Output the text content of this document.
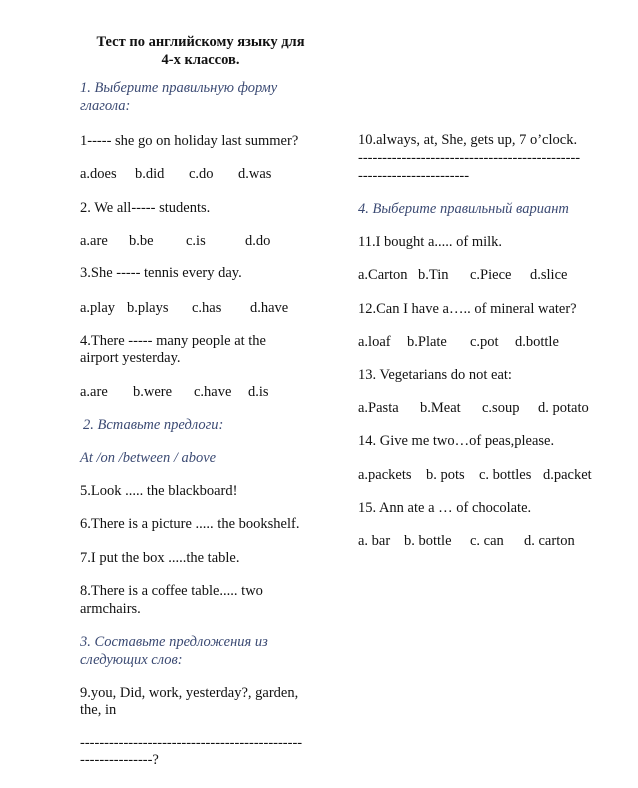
Тест по английскому языку для
4-х классов.
1. Выберите правильную форму
глагола:
1----- she go on holiday last summer?
a.does b.did c.do d.was
2. We all----- students.
a.are b.be c.is	d.do
3.She ----- tennis every day.
a.play b.plays c.has d.have
4.There ----- many people at the
airport yesterday.
a.are b.were c.have d.is
2. Вставьте предлоги:
At /on /between / above
5.Look ..... the blackboard!
6.There is a picture ..... the bookshelf.
7.I put the box .....the table.
8.There is a coffee table..... two
armchairs.
3. Составьте предложения из
следующих слов:
9.you, Did, work, yesterday?, garden,
the, in
----------------------------------------------
---------------?
10.always, at, She, gets up, 7 o’clock.
----------------------------------------------
-----------------------
4. Выберите правильный вариант
11.I bought a..... of milk.
a.Carton b.Tin c.Piece d.slice
12.Can I have a….. of mineral water?
a.loaf b.Plate c.pot d.bottle
13. Vegetarians do not eat:
a.Pasta b.Meat c.soup d. potato
14. Give me two…of peas,please.
a.packets b. pots c. bottles d.packet
15. Ann ate a … of chocolate.
a. bar b. bottle c. can d. carton
